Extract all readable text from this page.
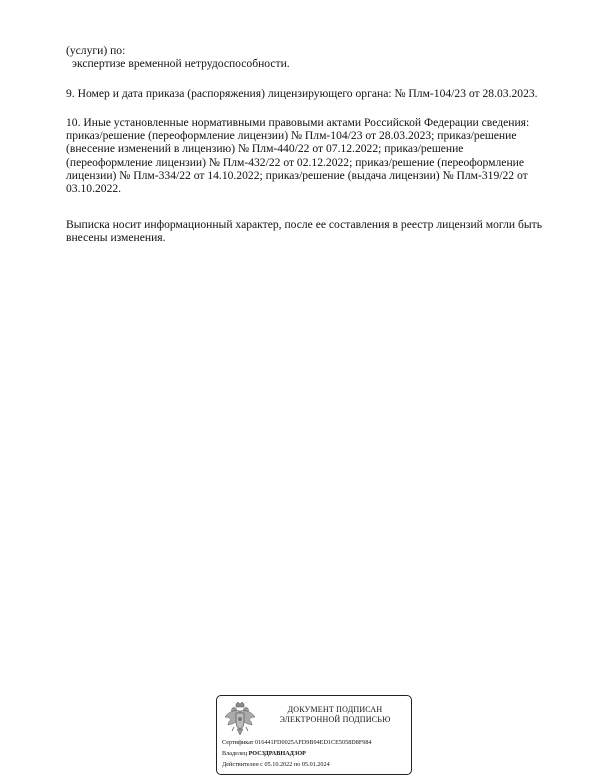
(услуги) по:
экспертизе временной нетрудоспособности.
9. Номер и дата приказа (распоряжения) лицензирующего органа: № Плм-104/23 от 28.03.2023.
10. Иные установленные нормативными правовыми актами Российской Федерации сведения:
приказ/решение (переоформление лицензии) № Плм-104/23 от 28.03.2023; приказ/решение
(внесение изменений в лицензию) № Плм-440/22 от 07.12.2022; приказ/решение
(переоформление лицензии) № Плм-432/22 от 02.12.2022; приказ/решение (переоформление
лицензии) № Плм-334/22 от 14.10.2022; приказ/решение (выдача лицензии) № Плм-319/22 от
03.10.2022.
Выписка носит информационный характер, после ее составления в реестр лицензий могли быть
внесены изменения.
ДОКУМЕНТ ПОДПИСАН
ЭЛЕКТРОННОЙ ПОДПИСЬЮ
Сертификат 016441FD0025AFD9B94ED1CE5058D8F984
Владелец РОСЗДРАВНАДЗОР
Действителен с 05.10.2022 по 05.01.2024
